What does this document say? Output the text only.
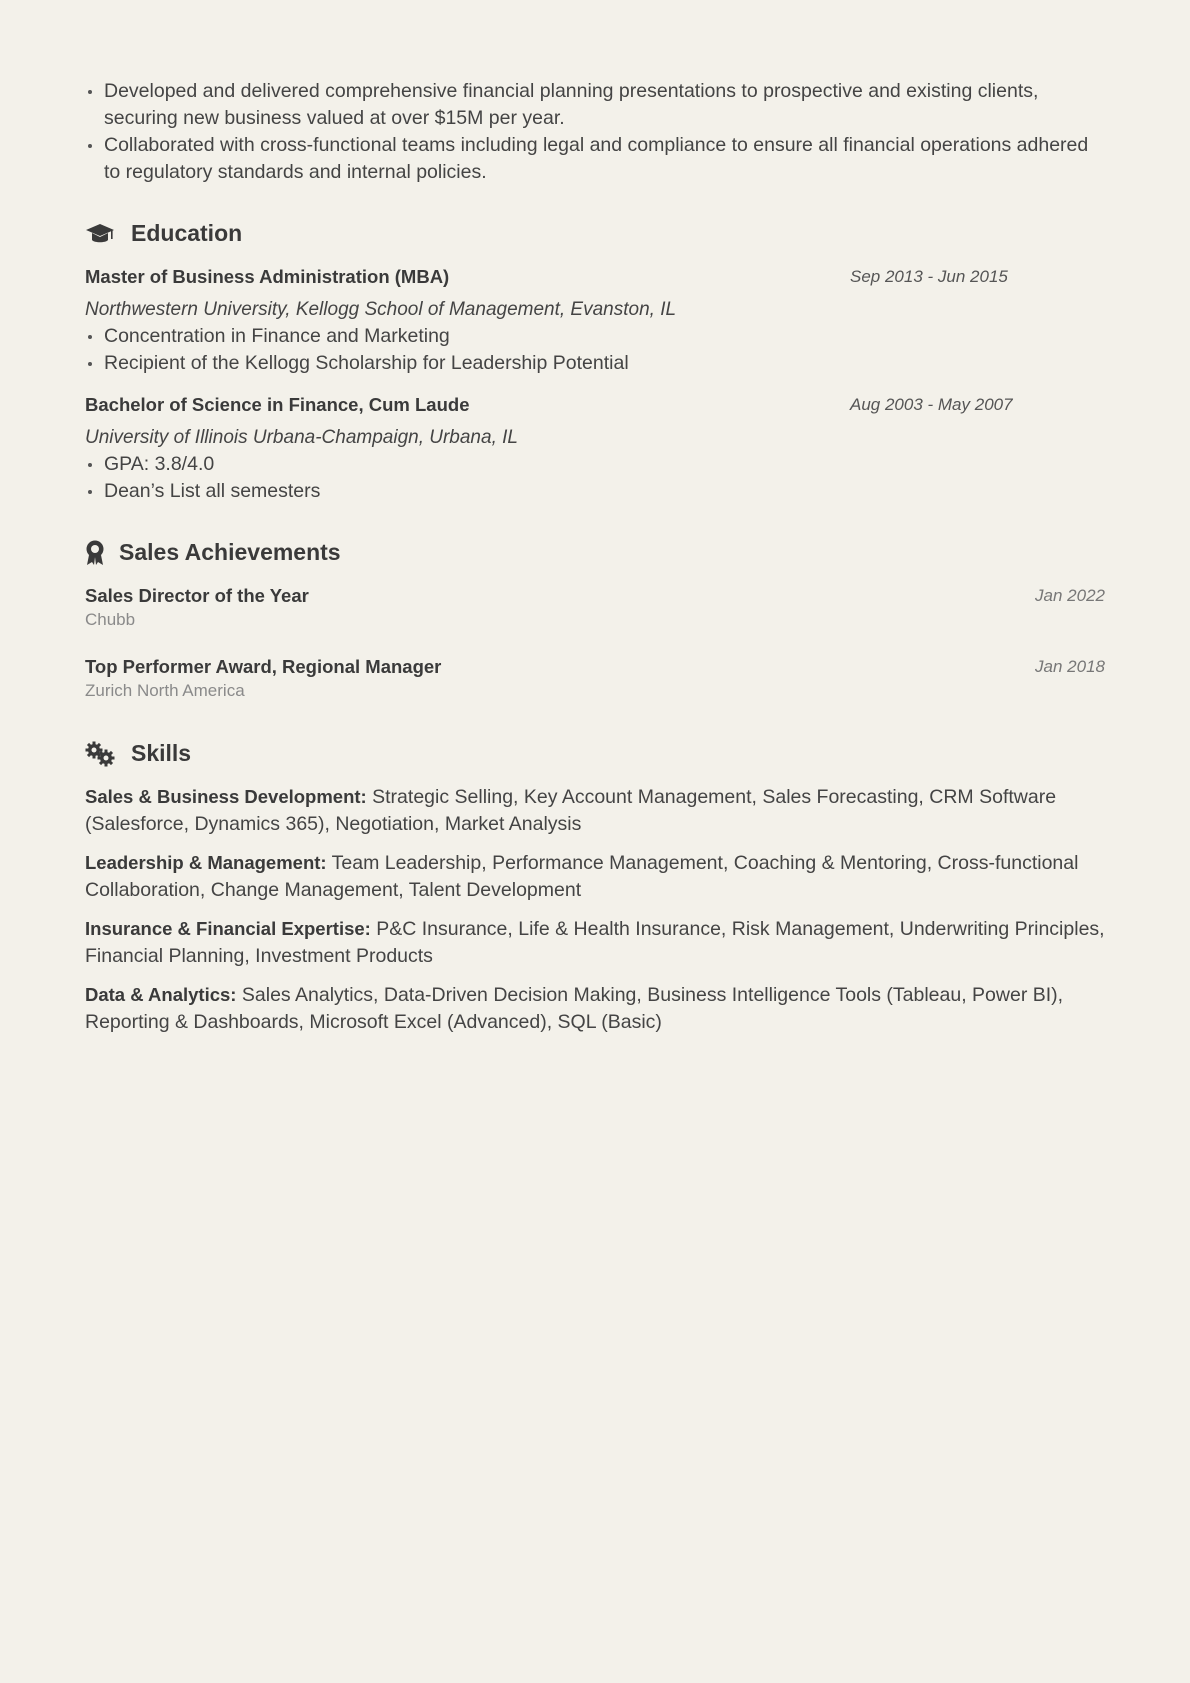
Developed and delivered comprehensive financial planning presentations to prospective and existing clients, securing new business valued at over $15M per year.
Collaborated with cross-functional teams including legal and compliance to ensure all financial operations adhered to regulatory standards and internal policies.
Education
Master of Business Administration (MBA)	Sep 2013 - Jun 2015
Northwestern University, Kellogg School of Management, Evanston, IL
Concentration in Finance and Marketing
Recipient of the Kellogg Scholarship for Leadership Potential
Bachelor of Science in Finance, Cum Laude	Aug 2003 - May 2007
University of Illinois Urbana-Champaign, Urbana, IL
GPA: 3.8/4.0
Dean’s List all semesters
Sales Achievements
Sales Director of the Year	Jan 2022
Chubb
Top Performer Award, Regional Manager	Jan 2018
Zurich North America
Skills
Sales & Business Development: Strategic Selling, Key Account Management, Sales Forecasting, CRM Software (Salesforce, Dynamics 365), Negotiation, Market Analysis
Leadership & Management: Team Leadership, Performance Management, Coaching & Mentoring, Cross-functional Collaboration, Change Management, Talent Development
Insurance & Financial Expertise: P&C Insurance, Life & Health Insurance, Risk Management, Underwriting Principles, Financial Planning, Investment Products
Data & Analytics: Sales Analytics, Data-Driven Decision Making, Business Intelligence Tools (Tableau, Power BI), Reporting & Dashboards, Microsoft Excel (Advanced), SQL (Basic)
